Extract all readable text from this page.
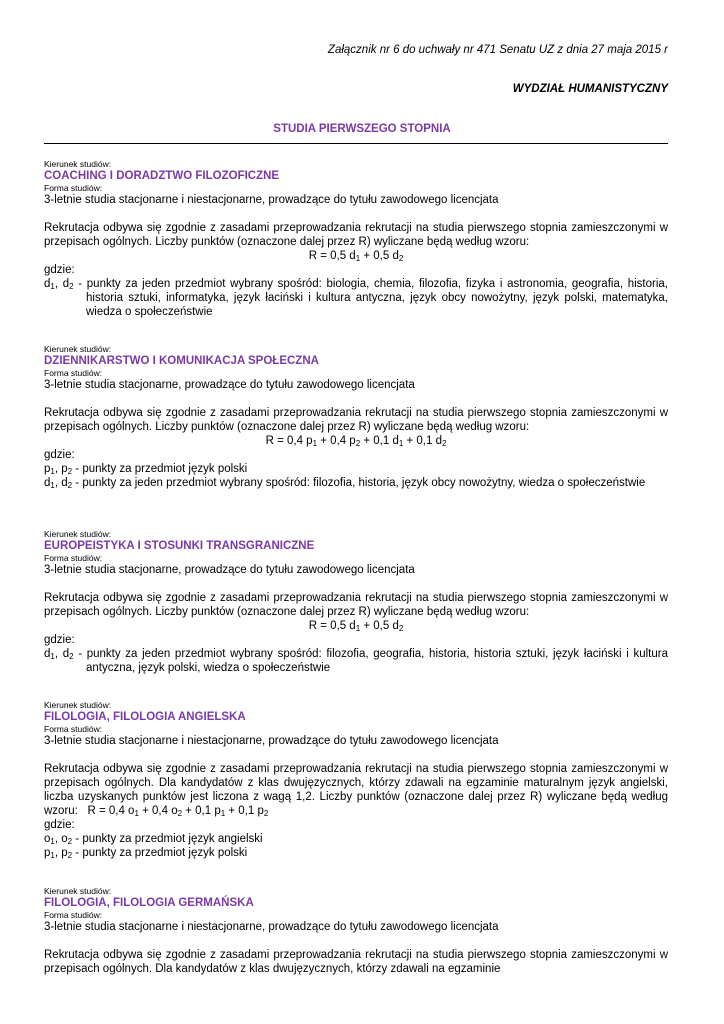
Załącznik nr 6 do uchwały nr 471 Senatu UZ z dnia 27 maja 2015 r
WYDZIAŁ HUMANISTYCZNY
STUDIA PIERWSZEGO STOPNIA
Kierunek studiów:
COACHING I DORADZTWO FILOZOFICZNE
Forma studiów:
3-letnie studia stacjonarne i niestacjonarne, prowadzące do tytułu zawodowego licencjata
Rekrutacja odbywa się zgodnie z zasadami przeprowadzania rekrutacji na studia pierwszego stopnia zamieszczonymi w przepisach ogólnych. Liczby punktów (oznaczone dalej przez R) wyliczane będą według wzoru:
R = 0,5 $d_1 + 0,5$ $d_2$
gdzie:
$d_1$, $d_2$ - punkty za jeden przedmiot wybrany spośród: biologia, chemia, filozofia, fizyka i astronomia, geografia, historia, historia sztuki, informatyka, język łaciński i kultura antyczna, język obcy nowożytny, język polski, matematyka, wiedza o społeczeństwie
Kierunek studiów:
DZIENNIKARSTWO I KOMUNIKACJA SPOŁECZNA
Forma studiów:
3-letnie studia stacjonarne, prowadzące do tytułu zawodowego licencjata
Rekrutacja odbywa się zgodnie z zasadami przeprowadzania rekrutacji na studia pierwszego stopnia zamieszczonymi w przepisach ogólnych. Liczby punktów (oznaczone dalej przez R) wyliczane będą według wzoru:
R = 0,4 $p_1 + 0,4$ $p_2 + 0,1$ $d_1 + 0,1$ $d_2$
gdzie:
$p_1$, $p_2$ - punkty za przedmiot język polski
$d_1$, $d_2$ - punkty za jeden przedmiot wybrany spośród: filozofia, historia, język obcy nowożytny, wiedza o społeczeństwie
Kierunek studiów:
EUROPEISTYKA I STOSUNKI TRANSGRANICZNE
Forma studiów:
3-letnie studia stacjonarne, prowadzące do tytułu zawodowego licencjata
Rekrutacja odbywa się zgodnie z zasadami przeprowadzania rekrutacji na studia pierwszego stopnia zamieszczonymi w przepisach ogólnych. Liczby punktów (oznaczone dalej przez R) wyliczane będą według wzoru:
R = 0,5 $d_1 + 0,5$ $d_2$
gdzie:
$d_1$, $d_2$ - punkty za jeden przedmiot wybrany spośród: filozofia, geografia, historia, historia sztuki, język łaciński i kultura antyczna, język polski, wiedza o społeczeństwie
Kierunek studiów:
FILOLOGIA, FILOLOGIA ANGIELSKA
Forma studiów:
3-letnie studia stacjonarne i niestacjonarne, prowadzące do tytułu zawodowego licencjata
Rekrutacja odbywa się zgodnie z zasadami przeprowadzania rekrutacji na studia pierwszego stopnia zamieszczonymi w przepisach ogólnych. Dla kandydatów z klas dwujęzycznych, którzy zdawali na egzaminie maturalnym język angielski, liczba uzyskanych punktów jest liczona z wagą 1,2. Liczby punktów (oznaczone dalej przez R) wyliczane będą według wzoru:   R = 0,4 $o_1 + 0,4$ $o_2 + 0,1$ $p_1 + 0,1$ $p_2$
gdzie:
$o_1$, $o_2$ - punkty za przedmiot język angielski
$p_1$, $p_2$ - punkty za przedmiot język polski
Kierunek studiów:
FILOLOGIA, FILOLOGIA GERMAŃSKA
Forma studiów:
3-letnie studia stacjonarne i niestacjonarne, prowadzące do tytułu zawodowego licencjata
Rekrutacja odbywa się zgodnie z zasadami przeprowadzania rekrutacji na studia pierwszego stopnia zamieszczonymi w przepisach ogólnych. Dla kandydatów z klas dwujęzycznych, którzy zdawali na egzaminie
